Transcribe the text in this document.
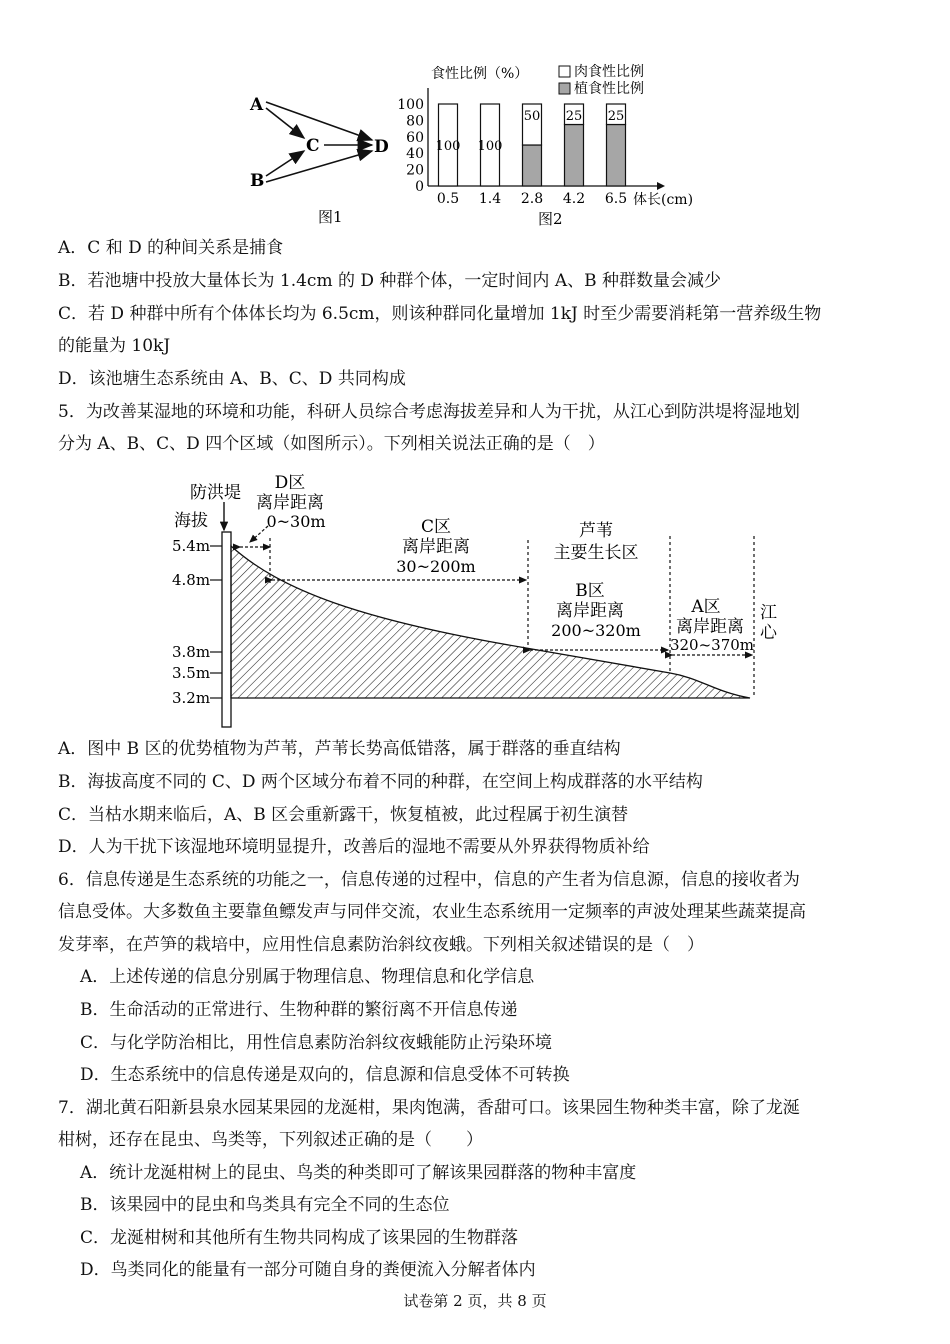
A
B
C	D
图1
食性比例（%）	肉食性比例
植食性比例
100
80
60
40
20
0
100 100
50 25 25
0.5 1.4 2.8 4.2 6.5 体长(cm)
图2
A．C 和 D 的种间关系是捕食
B．若池塘中投放大量体长为 1.4cm 的 D 种群个体，一定时间内 A、B 种群数量会减少
C．若 D 种群中所有个体体长均为 6.5cm，则该种群同化量增加 1kJ 时至少需要消耗第一营养级生物
的能量为 10kJ
D．该池塘生态系统由 A、B、C、D 共同构成
5．为改善某湿地的环境和功能，科研人员综合考虑海拔差异和人为干扰，从江心到防洪堤将湿地划
分为 A、B、C、D 四个区域（如图所示）。下列相关说法正确的是（　）
防洪堤
海拔
5.4m
4.8m
3.8m
3.5m
3.2m
D区
离岸距离
0~30m	C区
离岸距离
30~200m
芦苇
主要生长区
B区
离岸距离
200~320m
A区
离岸距离
320~370m
江
心
A．图中 B 区的优势植物为芦苇，芦苇长势高低错落，属于群落的垂直结构
B．海拔高度不同的 C、D 两个区域分布着不同的种群，在空间上构成群落的水平结构
C．当枯水期来临后，A、B 区会重新露干，恢复植被，此过程属于初生演替
D．人为干扰下该湿地环境明显提升，改善后的湿地不需要从外界获得物质补给
6．信息传递是生态系统的功能之一，信息传递的过程中，信息的产生者为信息源，信息的接收者为
信息受体。大多数鱼主要靠鱼鳔发声与同伴交流，农业生态系统用一定频率的声波处理某些蔬菜提高
发芽率，在芦笋的栽培中，应用性信息素防治斜纹夜蛾。下列相关叙述错误的是（　）
A．上述传递的信息分别属于物理信息、物理信息和化学信息
B．生命活动的正常进行、生物种群的繁衍离不开信息传递
C．与化学防治相比，用性信息素防治斜纹夜蛾能防止污染环境
D．生态系统中的信息传递是双向的，信息源和信息受体不可转换
7．湖北黄石阳新县泉水园某果园的龙涎柑，果肉饱满，香甜可口。该果园生物种类丰富，除了龙涎
柑树，还存在昆虫、鸟类等，下列叙述正确的是（　　）
A．统计龙涎柑树上的昆虫、鸟类的种类即可了解该果园群落的物种丰富度
B．该果园中的昆虫和鸟类具有完全不同的生态位
C．龙涎柑树和其他所有生物共同构成了该果园的生物群落
D．鸟类同化的能量有一部分可随自身的粪便流入分解者体内
试卷第 2 页，共 8 页
